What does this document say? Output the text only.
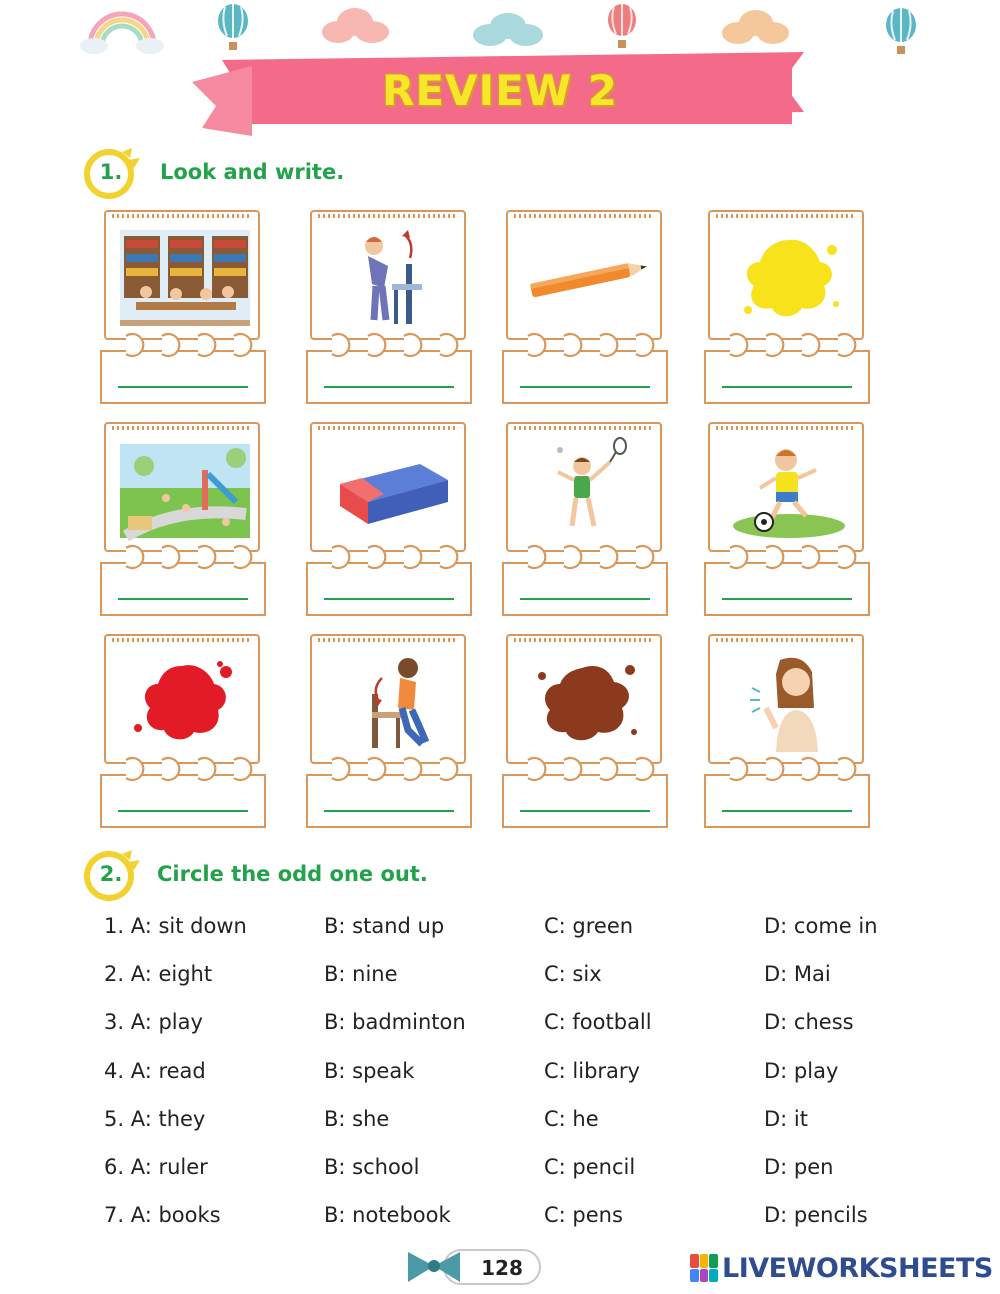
REVIEW 2
1.	Look and write.
2.	Circle the odd one out.
1. A: sit down	B: stand up	C: green	D: come in
2. A: eight	B: nine	C: six	D: Mai
3. A: play	B: badminton	C: football	D: chess
4. A: read	B: speak	C: library	D: play
5. A: they	B: she	C: he	D: it
6. A: ruler	B: school	C: pencil	D: pen
7. A: books	B: notebook	C: pens	D: pencils
128	LIVEWORKSHEETS
